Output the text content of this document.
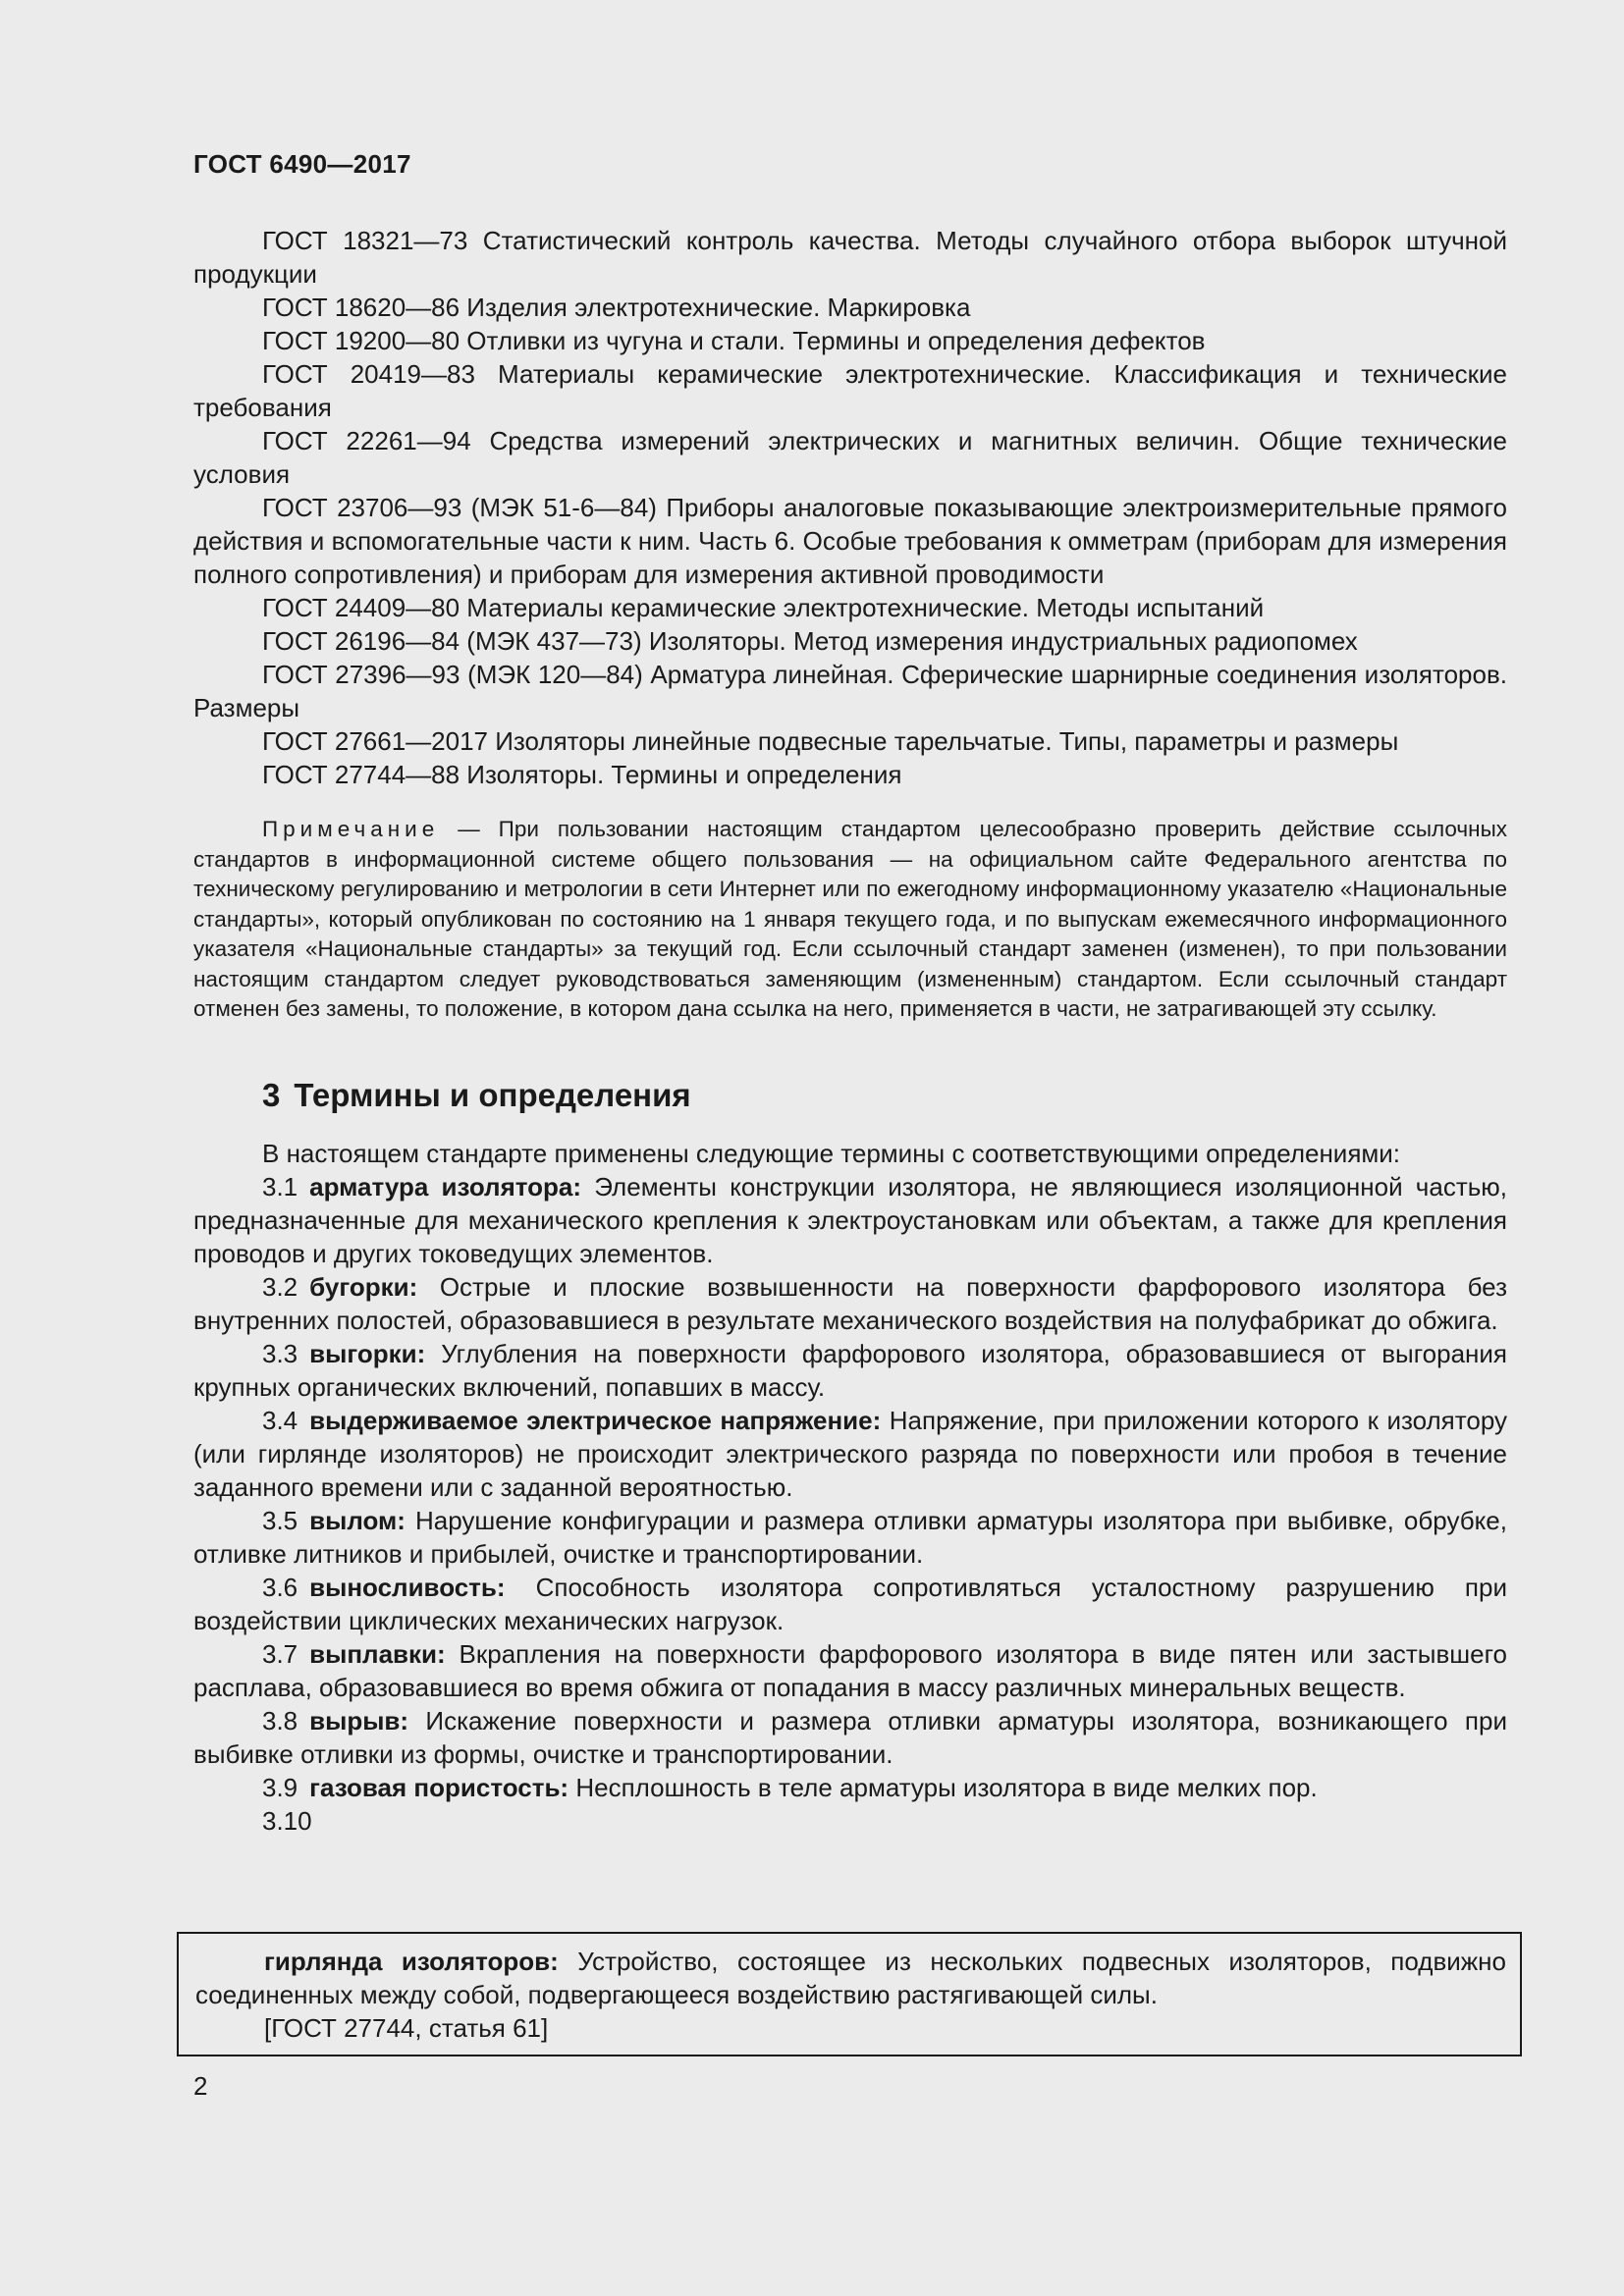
ГОСТ 6490—2017

ГОСТ 18321—73 Статистический контроль качества. Методы случайного отбора выборок штучной продукции

ГОСТ 18620—86 Изделия электротехнические. Маркировка

ГОСТ 19200—80 Отливки из чугуна и стали. Термины и определения дефектов

ГОСТ 20419—83 Материалы керамические электротехнические. Классификация и технические требования

ГОСТ 22261—94 Средства измерений электрических и магнитных величин. Общие технические условия

ГОСТ 23706—93 (МЭК 51-6—84) Приборы аналоговые показывающие электроизмерительные прямого действия и вспомогательные части к ним. Часть 6. Особые требования к омметрам (приборам для измерения полного сопротивления) и приборам для измерения активной проводимости

ГОСТ 24409—80 Материалы керамические электротехнические. Методы испытаний

ГОСТ 26196—84 (МЭК 437—73) Изоляторы. Метод измерения индустриальных радиопомех

ГОСТ 27396—93 (МЭК 120—84) Арматура линейная. Сферические шарнирные соединения изоляторов. Размеры

ГОСТ 27661—2017 Изоляторы линейные подвесные тарельчатые. Типы, параметры и размеры

ГОСТ 27744—88 Изоляторы. Термины и определения

Примечание — При пользовании настоящим стандартом целесообразно проверить действие ссылочных стандартов в информационной системе общего пользования — на официальном сайте Федерального агентства по техническому регулированию и метрологии в сети Интернет или по ежегодному информационному указателю «Национальные стандарты», который опубликован по состоянию на 1 января текущего года, и по выпускам ежемесячного информационного указателя «Национальные стандарты» за текущий год. Если ссылочный стандарт заменен (изменен), то при пользовании настоящим стандартом следует руководствоваться заменяющим (измененным) стандартом. Если ссылочный стандарт отменен без замены, то положение, в котором дана ссылка на него, применяется в части, не затрагивающей эту ссылку.

3 Термины и определения

В настоящем стандарте применены следующие термины с соответствующими определениями:

3.1 арматура изолятора: Элементы конструкции изолятора, не являющиеся изоляционной частью, предназначенные для механического крепления к электроустановкам или объектам, а также для крепления проводов и других токоведущих элементов.

3.2 бугорки: Острые и плоские возвышенности на поверхности фарфорового изолятора без внутренних полостей, образовавшиеся в результате механического воздействия на полуфабрикат до обжига.

3.3 выгорки: Углубления на поверхности фарфорового изолятора, образовавшиеся от выгорания крупных органических включений, попавших в массу.

3.4 выдерживаемое электрическое напряжение: Напряжение, при приложении которого к изолятору (или гирлянде изоляторов) не происходит электрического разряда по поверхности или пробоя в течение заданного времени или с заданной вероятностью.

3.5 вылом: Нарушение конфигурации и размера отливки арматуры изолятора при выбивке, обрубке, отливке литников и прибылей, очистке и транспортировании.

3.6 выносливость: Способность изолятора сопротивляться усталостному разрушению при воздействии циклических механических нагрузок.

3.7 выплавки: Вкрапления на поверхности фарфорового изолятора в виде пятен или застывшего расплава, образовавшиеся во время обжига от попадания в массу различных минеральных веществ.

3.8 вырыв: Искажение поверхности и размера отливки арматуры изолятора, возникающего при выбивке отливки из формы, очистке и транспортировании.

3.9 газовая пористость: Несплошность в теле арматуры изолятора в виде мелких пор.

3.10

гирлянда изоляторов: Устройство, состоящее из нескольких подвесных изоляторов, подвижно соединенных между собой, подвергающееся воздействию растягивающей силы.

[ГОСТ 27744, статья 61]

2
